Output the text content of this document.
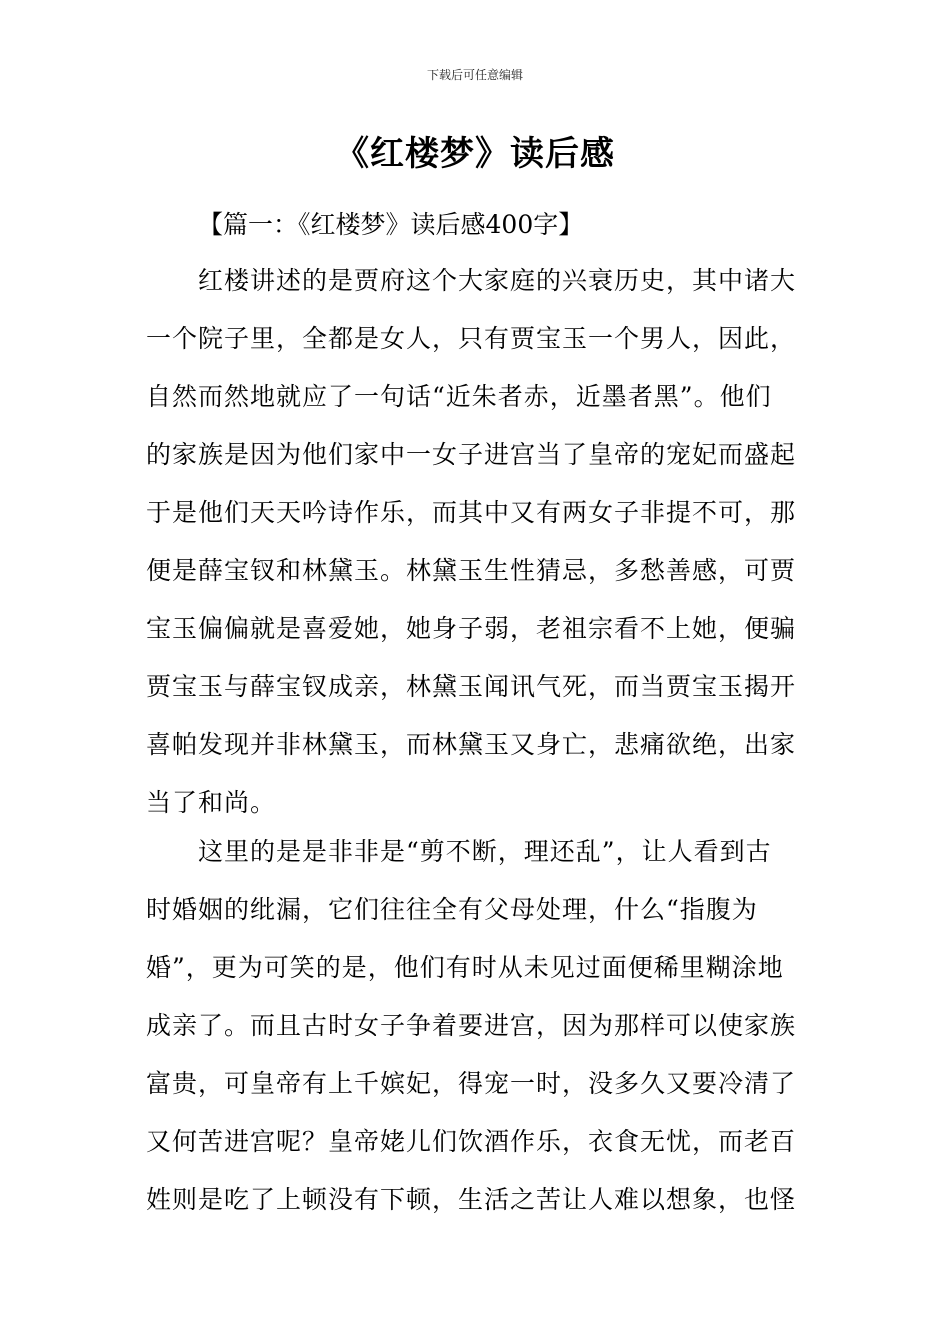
下载后可任意编辑
《红楼梦》读后感
【篇一：《红楼梦》读后感400字】
　　红楼讲述的是贾府这个大家庭的兴衰历史，其中诸大
一个院子里，全都是女人，只有贾宝玉一个男人，因此，
自然而然地就应了一句话“近朱者赤，近墨者黑”。他们
的家族是因为他们家中一女子进宫当了皇帝的宠妃而盛起
于是他们天天吟诗作乐，而其中又有两女子非提不可，那
便是薛宝钗和林黛玉。林黛玉生性猜忌，多愁善感，可贾
宝玉偏偏就是喜爱她，她身子弱，老祖宗看不上她，便骗
贾宝玉与薛宝钗成亲，林黛玉闻讯气死，而当贾宝玉揭开
喜帕发现并非林黛玉，而林黛玉又身亡，悲痛欲绝，出家
当了和尚。
　　这里的是是非非是“剪不断，理还乱”，让人看到古
时婚姻的纰漏，它们往往全有父母处理，什么“指腹为
婚”，更为可笑的是，他们有时从未见过面便稀里糊涂地
成亲了。而且古时女子争着要进宫，因为那样可以使家族
富贵，可皇帝有上千嫔妃，得宠一时，没多久又要冷清了
又何苦进宫呢？皇帝姥儿们饮酒作乐，衣食无忧，而老百
姓则是吃了上顿没有下顿，生活之苦让人难以想象，也怪
